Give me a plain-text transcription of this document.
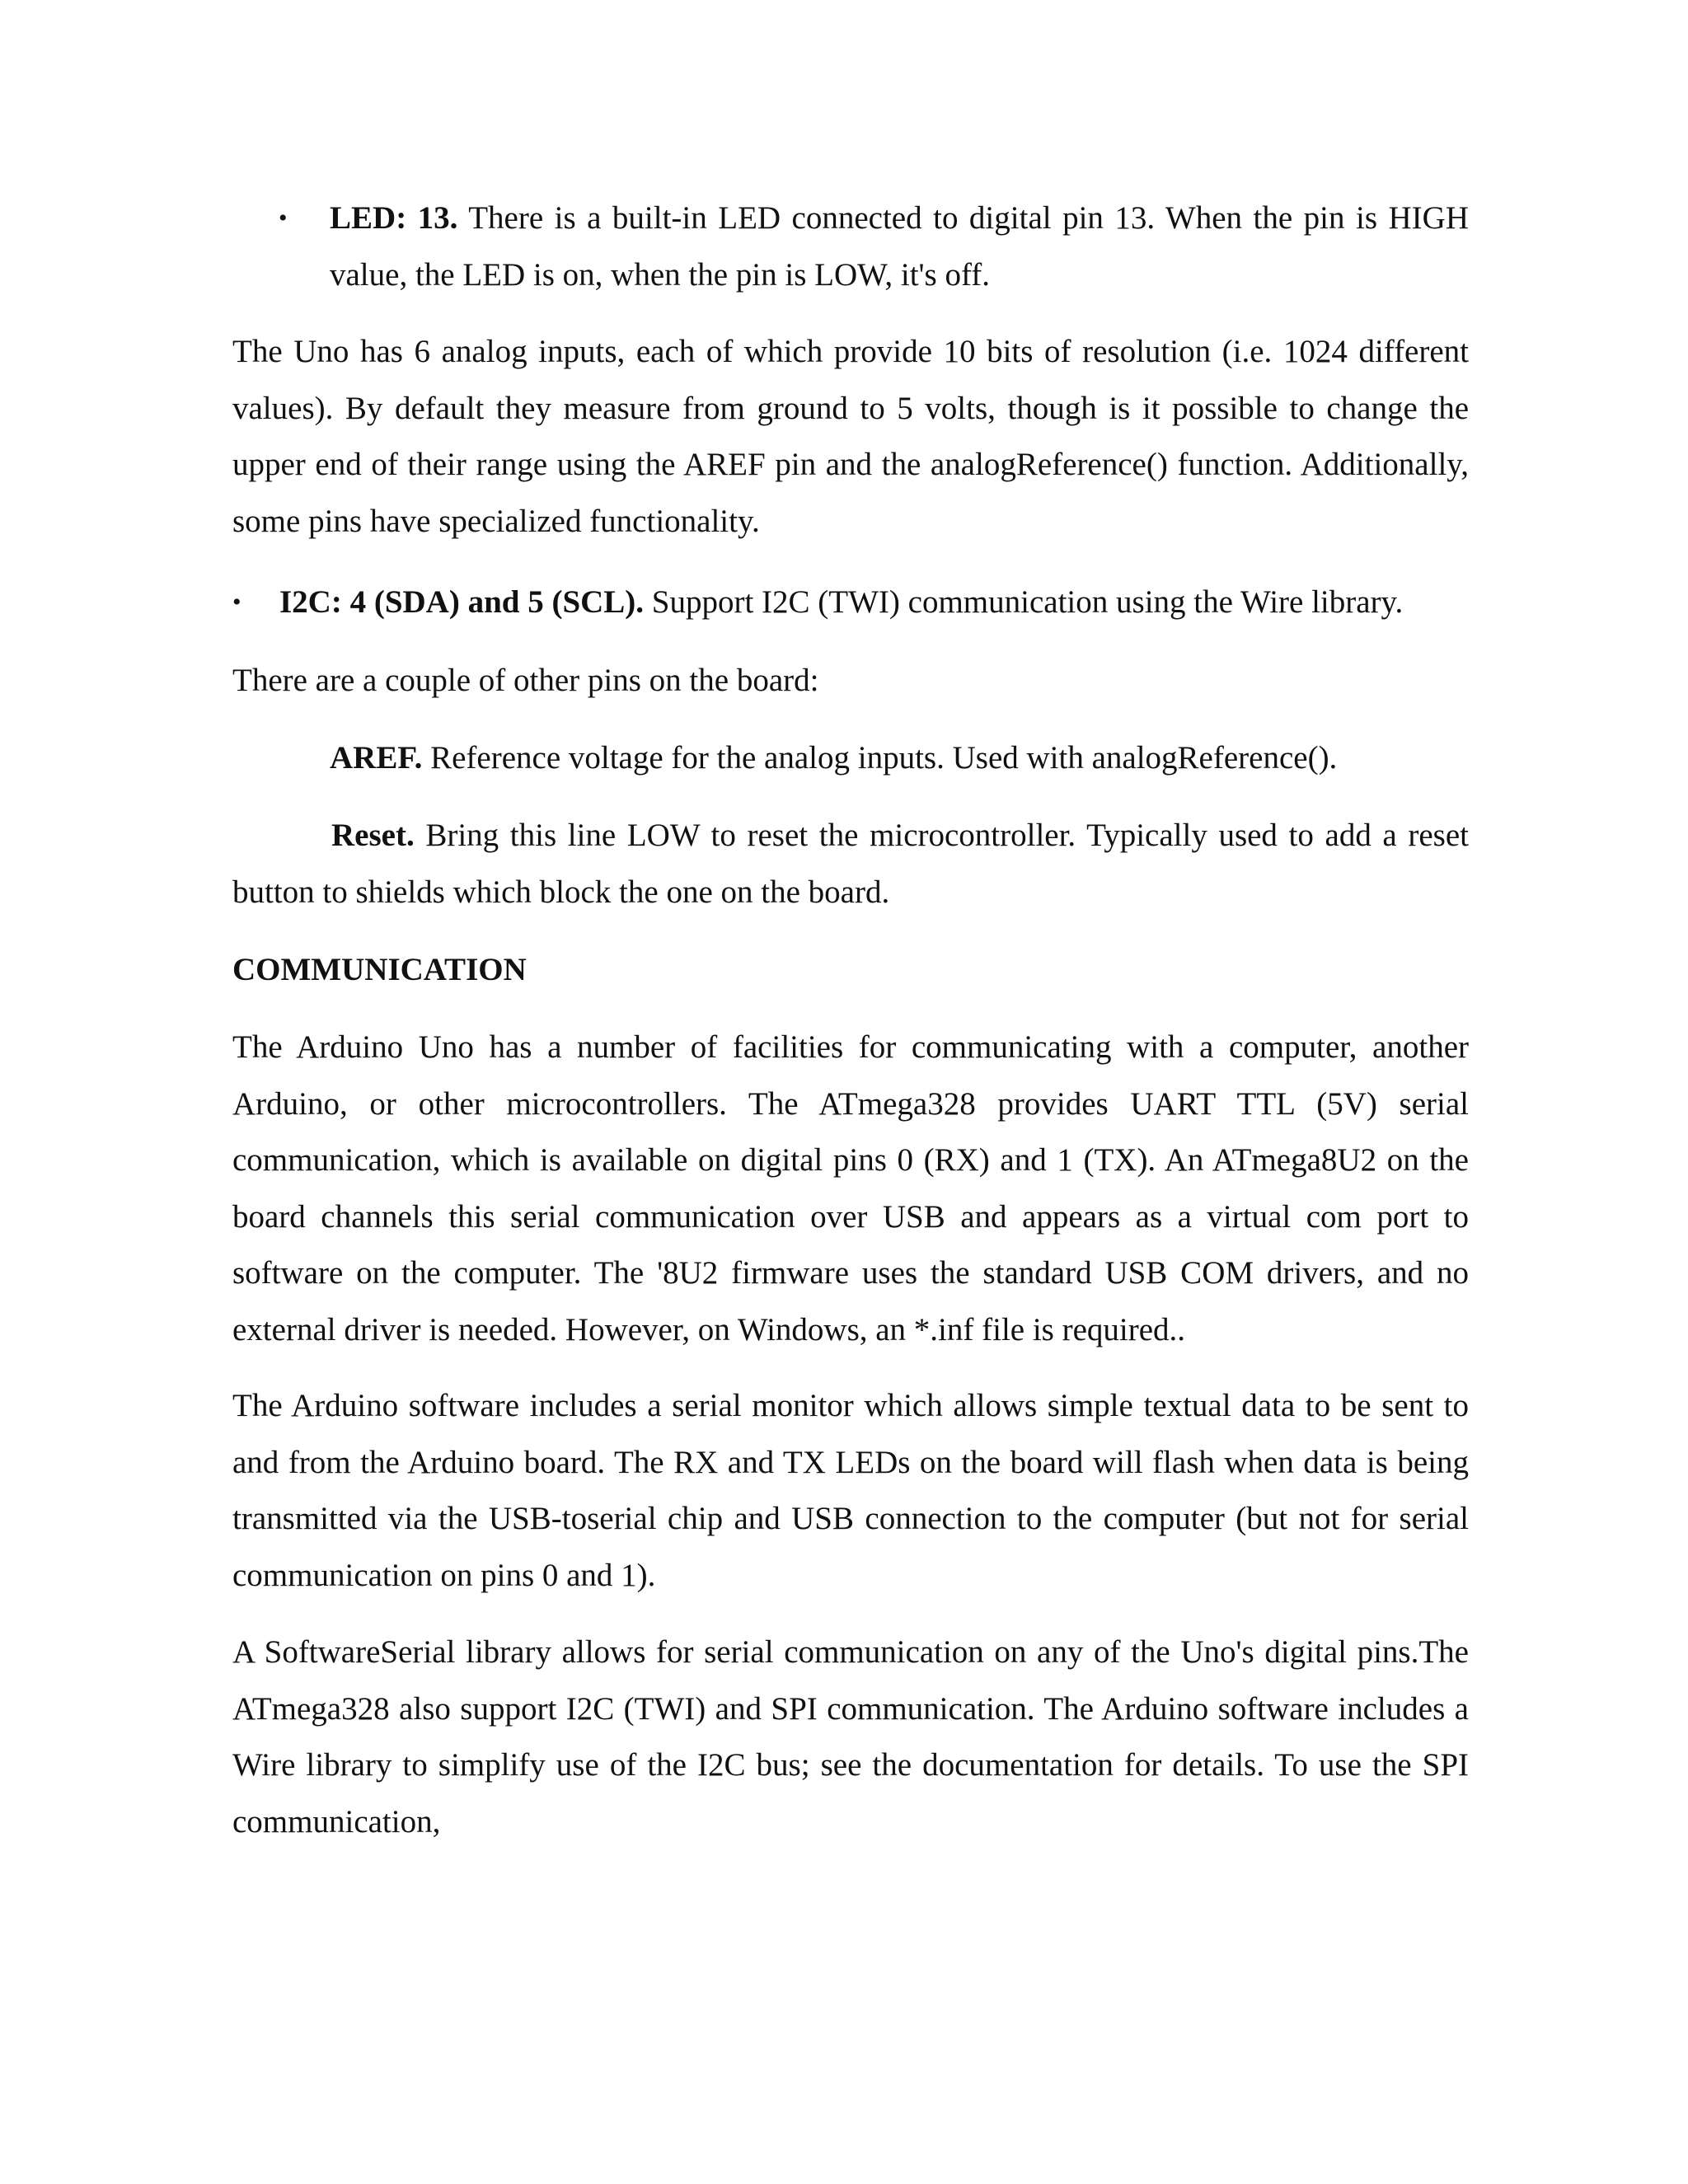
• LED: 13. There is a built-in LED connected to digital pin 13. When the pin is HIGH value, the LED is on, when the pin is LOW, it's off.

The Uno has 6 analog inputs, each of which provide 10 bits of resolution (i.e. 1024 different values). By default they measure from ground to 5 volts, though is it possible to change the upper end of their range using the AREF pin and the analogReference() function. Additionally, some pins have specialized functionality.

• I2C: 4 (SDA) and 5 (SCL). Support I2C (TWI) communication using the Wire library.

There are a couple of other pins on the board:

AREF. Reference voltage for the analog inputs. Used with analogReference().

Reset. Bring this line LOW to reset the microcontroller. Typically used to add a reset button to shields which block the one on the board.

COMMUNICATION

The Arduino Uno has a number of facilities for communicating with a computer, another Arduino, or other microcontrollers. The ATmega328 provides UART TTL (5V) serial communication, which is available on digital pins 0 (RX) and 1 (TX). An ATmega8U2 on the board channels this serial communication over USB and appears as a virtual com port to software on the computer. The '8U2 firmware uses the standard USB COM drivers, and no external driver is needed. However, on Windows, an *.inf file is required..

The Arduino software includes a serial monitor which allows simple textual data to be sent to and from the Arduino board. The RX and TX LEDs on the board will flash when data is being transmitted via the USB-toserial chip and USB connection to the computer (but not for serial communication on pins 0 and 1).

A SoftwareSerial library allows for serial communication on any of the Uno's digital pins.The ATmega328 also support I2C (TWI) and SPI communication. The Arduino software includes a Wire library to simplify use of the I2C bus; see the documentation for details. To use the SPI communication,
